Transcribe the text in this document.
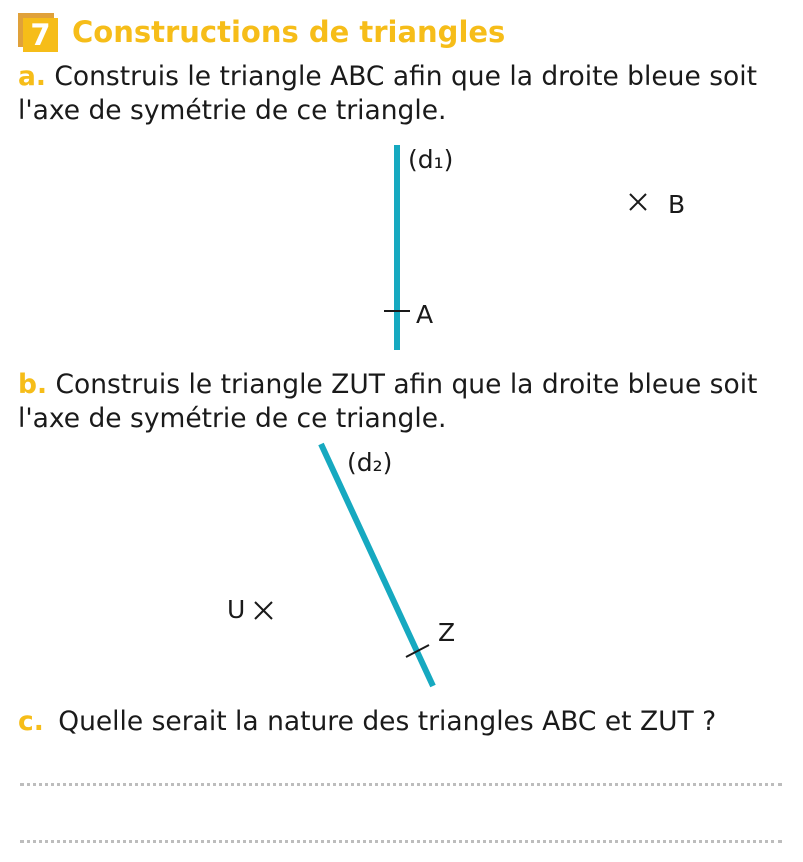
7 Constructions de triangles
a. Construis le triangle ABC afin que la droite bleue soit l'axe de symétrie de ce triangle.
(d₁)
A
B
b. Construis le triangle ZUT afin que la droite bleue soit l'axe de symétrie de ce triangle.
(d₂)
Z
U
c. Quelle serait la nature des triangles ABC et ZUT ?
